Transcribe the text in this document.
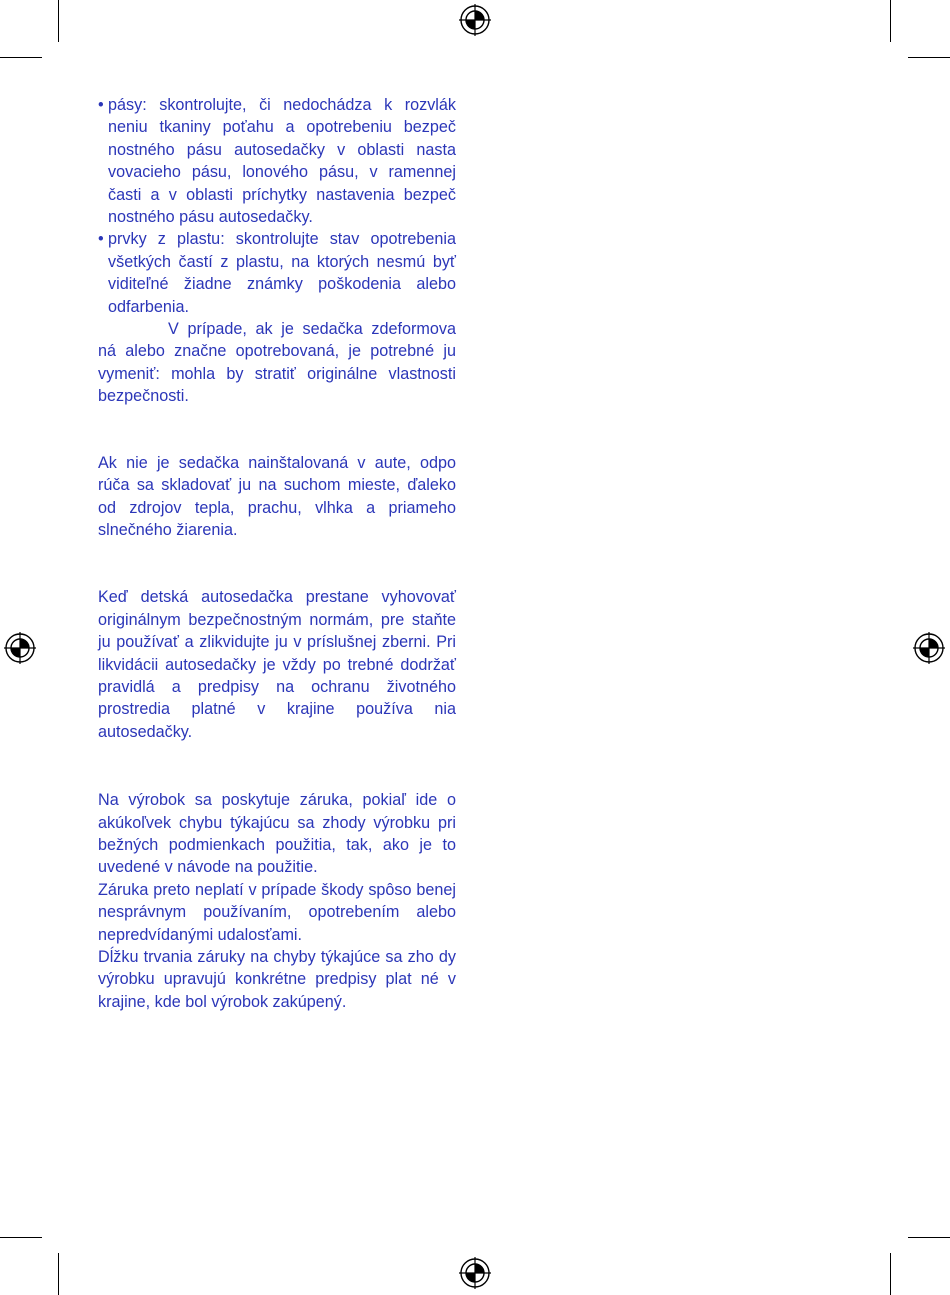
• pásy: skontrolujte, či nedochádza k rozvlák neniu tkaniny poťahu a opotrebeniu bezpeč nostného pásu autosedačky v oblasti nasta vovacieho pásu, lonového pásu, v ramennej časti a v oblasti príchytky nastavenia bezpeč nostného pásu autosedačky.
• prvky z plastu: skontrolujte stav opotrebenia všetkých častí z plastu, na ktorých nesmú byť viditeľné žiadne známky poškodenia alebo odfarbenia.

V prípade, ak je sedačka zdeformova ná alebo značne opotrebovaná, je potrebné ju vymeniť: mohla by stratiť originálne vlastnosti bezpečnosti.

Ak nie je sedačka nainštalovaná v aute, odpo rúča sa skladovať ju na suchom mieste, ďaleko od zdrojov tepla, prachu, vlhka a priameho slnečného žiarenia.

Keď detská autosedačka prestane vyhovovať originálnym bezpečnostným normám, pre staňte ju používať a zlikvidujte ju v príslušnej zberni. Pri likvidácii autosedačky je vždy po trebné dodržať pravidlá a predpisy na ochranu životného prostredia platné v krajine používa nia autosedačky.

Na výrobok sa poskytuje záruka, pokiaľ ide o akúkoľvek chybu týkajúcu sa zhody výrobku pri bežných podmienkach použitia, tak, ako je to uvedené v návode na použitie.

Záruka preto neplatí v prípade škody spôso benej nesprávnym používaním, opotrebením alebo nepredvídanými udalosťami.

Dĺžku trvania záruky na chyby týkajúce sa zho dy výrobku upravujú konkrétne predpisy plat né v krajine, kde bol výrobok zakúpený.
